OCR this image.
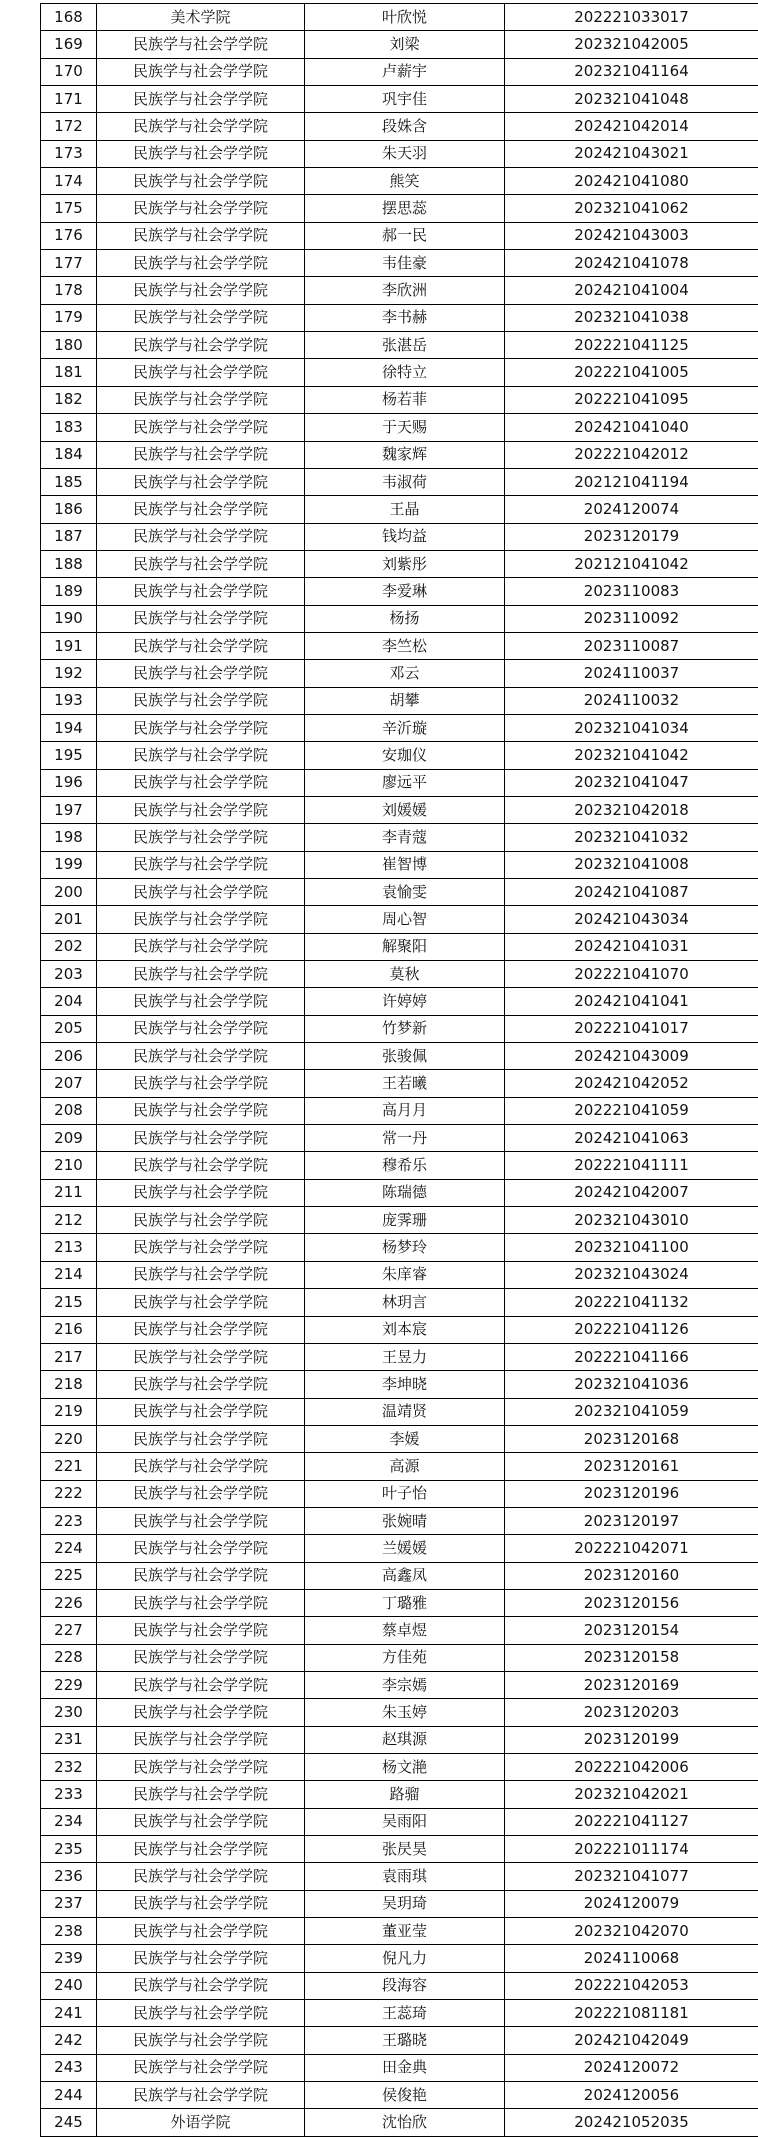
168	美术学院	叶欣悦	202221033017
169	民族学与社会学学院	刘梁	202321042005
170	民族学与社会学学院	卢薪宇	202321041164
171	民族学与社会学学院	巩宇佳	202321041048
172	民族学与社会学学院	段姝含	202421042014
173	民族学与社会学学院	朱天羽	202421043021
174	民族学与社会学学院	熊笑	202421041080
175	民族学与社会学学院	摆思蕊	202321041062
176	民族学与社会学学院	郝一民	202421043003
177	民族学与社会学学院	韦佳豪	202421041078
178	民族学与社会学学院	李欣洲	202421041004
179	民族学与社会学学院	李书赫	202321041038
180	民族学与社会学学院	张湛岳	202221041125
181	民族学与社会学学院	徐特立	202221041005
182	民族学与社会学学院	杨若菲	202221041095
183	民族学与社会学学院	于天赐	202421041040
184	民族学与社会学学院	魏家辉	202221042012
185	民族学与社会学学院	韦淑荷	202121041194
186	民族学与社会学学院	王晶	2024120074
187	民族学与社会学学院	钱均益	2023120179
188	民族学与社会学学院	刘紫彤	202121041042
189	民族学与社会学学院	李爱琳	2023110083
190	民族学与社会学学院	杨扬	2023110092
191	民族学与社会学学院	李竺松	2023110087
192	民族学与社会学学院	邓云	2024110037
193	民族学与社会学学院	胡攀	2024110032
194	民族学与社会学学院	辛沂璇	202321041034
195	民族学与社会学学院	安珈仪	202321041042
196	民族学与社会学学院	廖远平	202321041047
197	民族学与社会学学院	刘媛媛	202321042018
198	民族学与社会学学院	李青蔻	202321041032
199	民族学与社会学学院	崔智博	202321041008
200	民族学与社会学学院	袁愉雯	202421041087
201	民族学与社会学学院	周心智	202421043034
202	民族学与社会学学院	解聚阳	202421041031
203	民族学与社会学学院	莫秋	202221041070
204	民族学与社会学学院	许婷婷	202421041041
205	民族学与社会学学院	竹梦新	202221041017
206	民族学与社会学学院	张骏佩	202421043009
207	民族学与社会学学院	王若曦	202421042052
208	民族学与社会学学院	高月月	202221041059
209	民族学与社会学学院	常一丹	202421041063
210	民族学与社会学学院	穆希乐	202221041111
211	民族学与社会学学院	陈瑞德	202421042007
212	民族学与社会学学院	庞霁珊	202321043010
213	民族学与社会学学院	杨梦玲	202321041100
214	民族学与社会学学院	朱庠睿	202321043024
215	民族学与社会学学院	林玥言	202221041132
216	民族学与社会学学院	刘本宸	202221041126
217	民族学与社会学学院	王昱力	202221041166
218	民族学与社会学学院	李坤晓	202321041036
219	民族学与社会学学院	温靖贤	202321041059
220	民族学与社会学学院	李媛	2023120168
221	民族学与社会学学院	高源	2023120161
222	民族学与社会学学院	叶子怡	2023120196
223	民族学与社会学学院	张婉晴	2023120197
224	民族学与社会学学院	兰媛媛	202221042071
225	民族学与社会学学院	高鑫凤	2023120160
226	民族学与社会学学院	丁璐雅	2023120156
227	民族学与社会学学院	蔡卓煜	2023120154
228	民族学与社会学学院	方佳苑	2023120158
229	民族学与社会学学院	李宗嫣	2023120169
230	民族学与社会学学院	朱玉婷	2023120203
231	民族学与社会学学院	赵琪源	2023120199
232	民族学与社会学学院	杨文滟	202221042006
233	民族学与社会学学院	路骝	202321042021
234	民族学与社会学学院	吴雨阳	202221041127
235	民族学与社会学学院	张昃昊	202221011174
236	民族学与社会学学院	袁雨琪	202321041077
237	民族学与社会学学院	吴玥琦	2024120079
238	民族学与社会学学院	董亚莹	202321042070
239	民族学与社会学学院	倪凡力	2024110068
240	民族学与社会学学院	段海容	202221042053
241	民族学与社会学学院	王蕊琦	202221081181
242	民族学与社会学学院	王璐晓	202421042049
243	民族学与社会学学院	田金典	2024120072
244	民族学与社会学学院	侯俊艳	2024120056
245	外语学院	沈怡欣	202421052035
